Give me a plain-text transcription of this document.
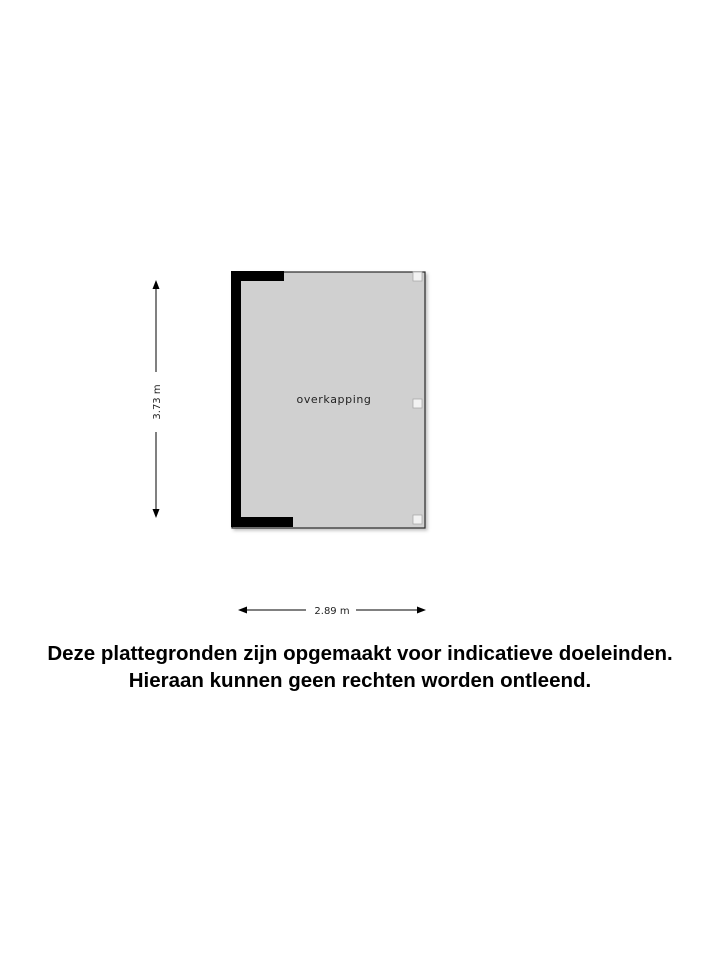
overkapping
3.73 m
2.89 m
Deze plattegronden zijn opgemaakt voor indicatieve doeleinden.
Hieraan kunnen geen rechten worden ontleend.
